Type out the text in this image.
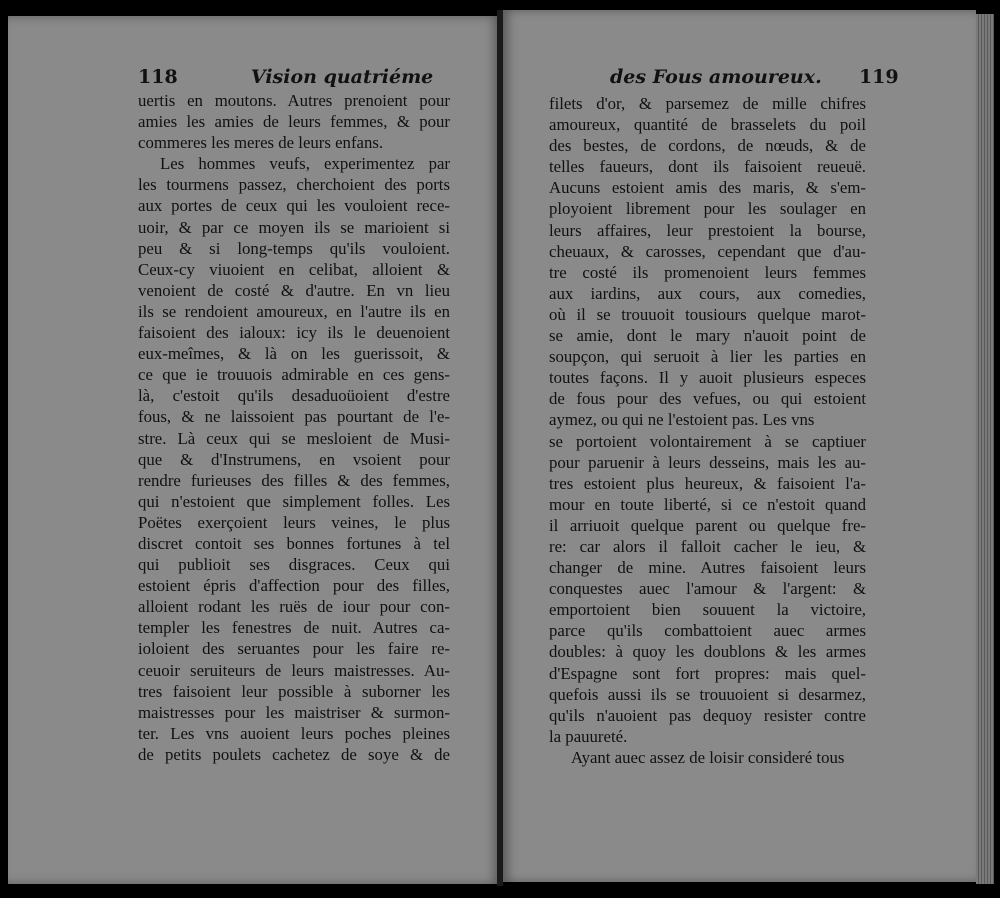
118	Vision quatriéme	des Fous amoureux. 119
uertis en moutons. Autres prenoient pour
amies les amies de leurs femmes, & pour
commeres les meres de leurs enfans.
Les hommes veufs, experimentez par
les tourmens passez, cherchoient des ports
aux portes de ceux qui les vouloient rece-
uoir, & par ce moyen ils se marioient si
peu & si long-temps qu'ils vouloient.
Ceux-cy viuoient en celibat, alloient &
venoient de costé & d'autre. En vn lieu
ils se rendoient amoureux, en l'autre ils en
faisoient des ialoux: icy ils le deuenoient
eux-meîmes, & là on les guerissoit, &
ce que ie trouuois admirable en ces gens-
là, c'estoit qu'ils desaduoüoient d'estre
fous, & ne laissoient pas pourtant de l'e-
stre. Là ceux qui se mesloient de Musi-
que & d'Instrumens, en vsoient pour
rendre furieuses des filles & des femmes,
qui n'estoient que simplement folles. Les
Poëtes exerçoient leurs veines, le plus
discret contoit ses bonnes fortunes à tel
qui publioit ses disgraces. Ceux qui
estoient épris d'affection pour des filles,
alloient rodant les ruës de iour pour con-
templer les fenestres de nuit. Autres ca-
ioloient des seruantes pour les faire re-
ceuoir seruiteurs de leurs maistresses. Au-
tres faisoient leur possible à suborner les
maistresses pour les maistriser & surmon-
ter. Les vns auoient leurs poches pleines
de petits poulets cachetez de soye & de
filets d'or, & parsemez de mille chifres
amoureux, quantité de brasselets du poil
des bestes, de cordons, de nœuds, & de
telles faueurs, dont ils faisoient reueuë.
Aucuns estoient amis des maris, & s'em-
ployoient librement pour les soulager en
leurs affaires, leur prestoient la bourse,
cheuaux, & carosses, cependant que d'au-
tre costé ils promenoient leurs femmes
aux iardins, aux cours, aux comedies,
où il se trouuoit tousiours quelque marot-
se amie, dont le mary n'auoit point de
soupçon, qui seruoit à lier les parties en
toutes façons. Il y auoit plusieurs especes
de fous pour des vefues, ou qui estoient
aymez, ou qui ne l'estoient pas. Les vns
se portoient volontairement à se captiuer
pour paruenir à leurs desseins, mais les au-
tres estoient plus heureux, & faisoient l'a-
mour en toute liberté, si ce n'estoit quand
il arriuoit quelque parent ou quelque fre-
re: car alors il falloit cacher le ieu, &
changer de mine. Autres faisoient leurs
conquestes auec l'amour & l'argent: &
emportoient bien souuent la victoire,
parce qu'ils combattoient auec armes
doubles: à quoy les doublons & les armes
d'Espagne sont fort propres: mais quel-
quefois aussi ils se trouuoient si desarmez,
qu'ils n'auoient pas dequoy resister contre
la pauureté.
Ayant auec assez de loisir consideré tous
